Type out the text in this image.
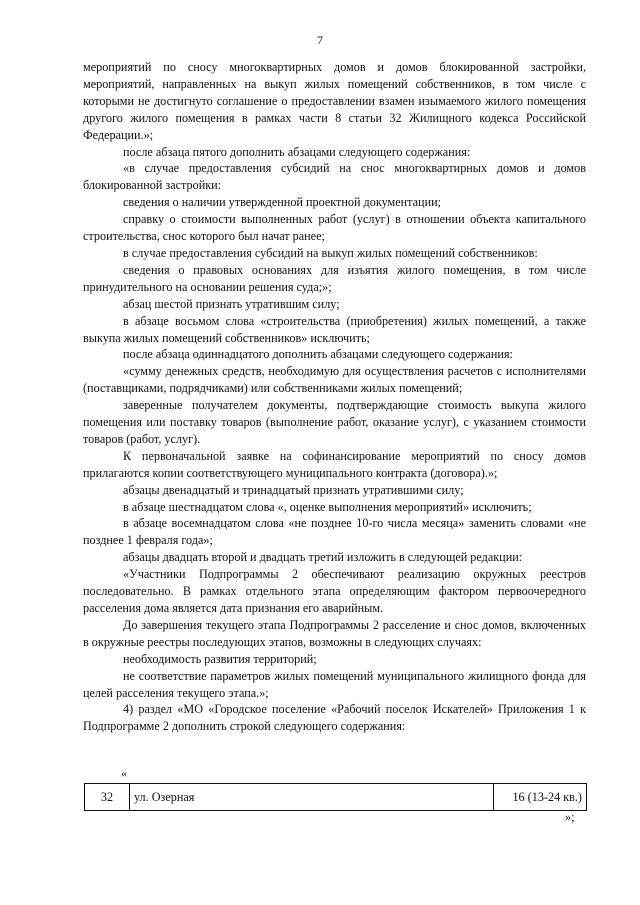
7

мероприятий по сносу многоквартирных домов и домов блокированной застройки, мероприятий, направленных на выкуп жилых помещений собственников, в том числе с которыми не достигнуто соглашение о предоставлении взамен изымаемого жилого помещения другого жилого помещения в рамках части 8 статьи 32 Жилищного кодекса Российской Федерации.»;

после абзаца пятого дополнить абзацами следующего содержания:

«в случае предоставления субсидий на снос многоквартирных домов и домов блокированной застройки:

сведения о наличии утвержденной проектной документации;

справку о стоимости выполненных работ (услуг) в отношении объекта капитального строительства, снос которого был начат ранее;

в случае предоставления субсидий на выкуп жилых помещений собственников:

сведения о правовых основаниях для изъятия жилого помещения, в том числе принудительного на основании решения суда;»;

абзац шестой признать утратившим силу;

в абзаце восьмом слова «строительства (приобретения) жилых помещений, а также выкупа жилых помещений собственников» исключить;

после абзаца одиннадцатого дополнить абзацами следующего содержания:

«сумму денежных средств, необходимую для осуществления расчетов с исполнителями (поставщиками, подрядчиками) или собственниками жилых помещений;

заверенные получателем документы, подтверждающие стоимость выкупа жилого помещения или поставку товаров (выполнение работ, оказание услуг), с указанием стоимости товаров (работ, услуг).

К первоначальной заявке на софинансирование мероприятий по сносу домов прилагаются копии соответствующего муниципального контракта (договора).»;

абзацы двенадцатый и тринадцатый признать утратившими силу;

в абзаце шестнадцатом слова «, оценке выполнения мероприятий» исключить;

в абзаце восемнадцатом слова «не позднее 10-го числа месяца» заменить словами «не позднее 1 февраля года»;

абзацы двадцать второй и двадцать третий изложить в следующей редакции:

«Участники Подпрограммы 2 обеспечивают реализацию окружных реестров последовательно. В рамках отдельного этапа определяющим фактором первоочередного расселения дома является дата признания его аварийным.

До завершения текущего этапа Подпрограммы 2 расселение и снос домов, включенных в окружные реестры последующих этапов, возможны в следующих случаях:

необходимость развития территорий;

не соответствие параметров жилых помещений муниципального жилищного фонда для целей расселения текущего этапа.»;

4) раздел «МО «Городское поселение «Рабочий поселок Искателей» Приложения 1 к Подпрограмме 2 дополнить строкой следующего содержания:

«
32	ул. Озерная	16 (13-24 кв.)
»;
